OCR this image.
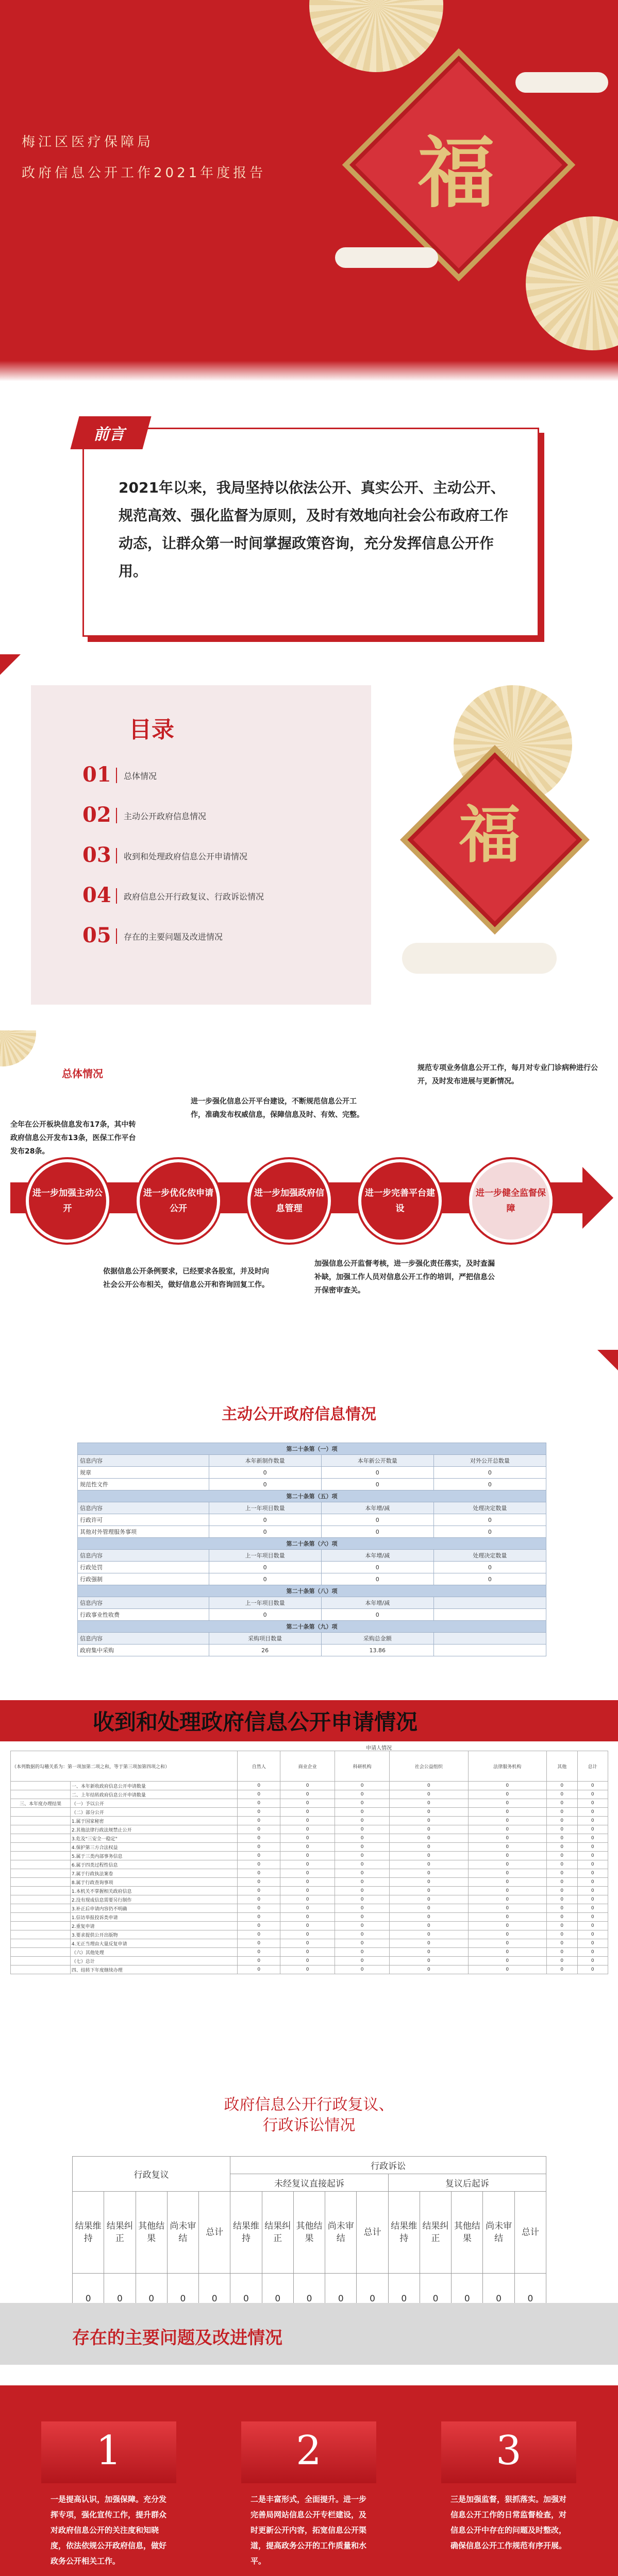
福
梅江区医疗保障局
政府信息公开工作2021年度报告
前言
2021年以来，我局坚持以依法公开、真实公开、主动公开、规范高效、强化监督为原则，及时有效地向社会公布政府工作动态，让群众第一时间掌握政策咨询，充分发挥信息公开作用。
目录
福
01 总体情况
02 主动公开政府信息情况
03 收到和处理政府信息公开申请情况
04 政府信息公开行政复议、行政诉讼情况
05 存在的主要问题及改进情况
总体情况
全年在公开板块信息发布17条，其中转政府信息公开发布13条，医保工作平台发布28条。
进一步强化信息公开平台建设，不断规范信息公开工作，准确发布权威信息，保障信息及时、有效、完整。
规范专项业务信息公开工作，每月对专业门诊病种进行公开，及时发布进展与更新情况。
进一步加强主动公开
进一步优化依申请公开
进一步加强政府信息管理
进一步完善平台建设
进一步健全监督保障
依据信息公开条例要求，已经要求各股室，并及时向社会公开公布相关，做好信息公开和咨询回复工作。
加强信息公开监督考核，进一步强化责任落实，及时查漏补缺，加强工作人员对信息公开工作的培训，严把信息公开保密审查关。
主动公开政府信息情况
第二十条第（一）项			
信息内容	本年新制作数量	本年新公开数量	对外公开总数量
规章	0	0	0
规范性文件	0	0	0
第二十条第（五）项			
信息内容	上一年项目数量	本年增/减	处理决定数量
行政许可	0	0	0
其他对外管理服务事项	0	0	0
第二十条第（六）项			
信息内容	上一年项目数量	本年增/减	处理决定数量
行政处罚	0	0	0
行政强制	0	0	0
第二十条第（八）项			
信息内容	上一年项目数量	本年增/减	
行政事业性收费	0	0	
第二十条第（九）项			
信息内容	采购项目数量	采购总金额	
政府集中采购	26	13.86	
收到和处理政府信息公开申请情况
申请人情况
（本列数据的勾稽关系为：第一项加第二项之和，等于第三项加第四项之和）		自然人	商业企业	科研机构	社会公益组织	法律服务机构	其他	总计
	一、本年新收政府信息公开申请数量	0	0	0	0	0	0	0
	二、上年结转政府信息公开申请数量	0	0	0	0	0	0	0
三、本年度办理结果	（一）予以公开	0	0	0	0	0	0	0
	（二）部分公开	0	0	0	0	0	0	0
	1.属于国家秘密	0	0	0	0	0	0	0
	2.其他法律行政法规禁止公开	0	0	0	0	0	0	0
	3.危及"三安全一稳定"	0	0	0	0	0	0	0
	4.保护第三方合法权益	0	0	0	0	0	0	0
	5.属于三类内部事务信息	0	0	0	0	0	0	0
	6.属于四类过程性信息	0	0	0	0	0	0	0
	7.属于行政执法案卷	0	0	0	0	0	0	0
	8.属于行政查询事项	0	0	0	0	0	0	0
	1.本机关不掌握相关政府信息	0	0	0	0	0	0	0
	2.没有现成信息需要另行制作	0	0	0	0	0	0	0
	3.补正后申请内容仍不明确	0	0	0	0	0	0	0
	1.信访举报投诉类申请	0	0	0	0	0	0	0
	2.重复申请	0	0	0	0	0	0	0
	3.要求提供公开出版物	0	0	0	0	0	0	0
	4.无正当理由大量反复申请	0	0	0	0	0	0	0
	（六）其他处理	0	0	0	0	0	0	0
	（七）总计	0	0	0	0	0	0	0
	四、结转下年度继续办理	0	0	0	0	0	0	0
政府信息公开行政复议、
行政诉讼情况
行政复议					行政诉讼									
					未经复议直接起诉					复议后起诉				
结果维持	结果纠正	其他结果	尚未审结	总计	结果维持	结果纠正	其他结果	尚未审结	总计	结果维持	结果纠正	其他结果	尚未审结	总计
0	0	0	0	0	0	0	0	0	0	0	0	0	0	0
存在的主要问题及改进情况
1
一是提高认识，加强保障。充分发挥专项，强化宣传工作，提升群众对政府信息公开的关注度和知晓度，依法依规公开政府信息，做好政务公开相关工作。
2
二是丰富形式，全面提升。进一步完善局网站信息公开专栏建设，及时更新公开内容，拓宽信息公开渠道，提高政务公开的工作质量和水平。
3
三是加强监督，狠抓落实。加强对信息公开工作的日常监督检查，对信息公开中存在的问题及时整改，确保信息公开工作规范有序开展。
